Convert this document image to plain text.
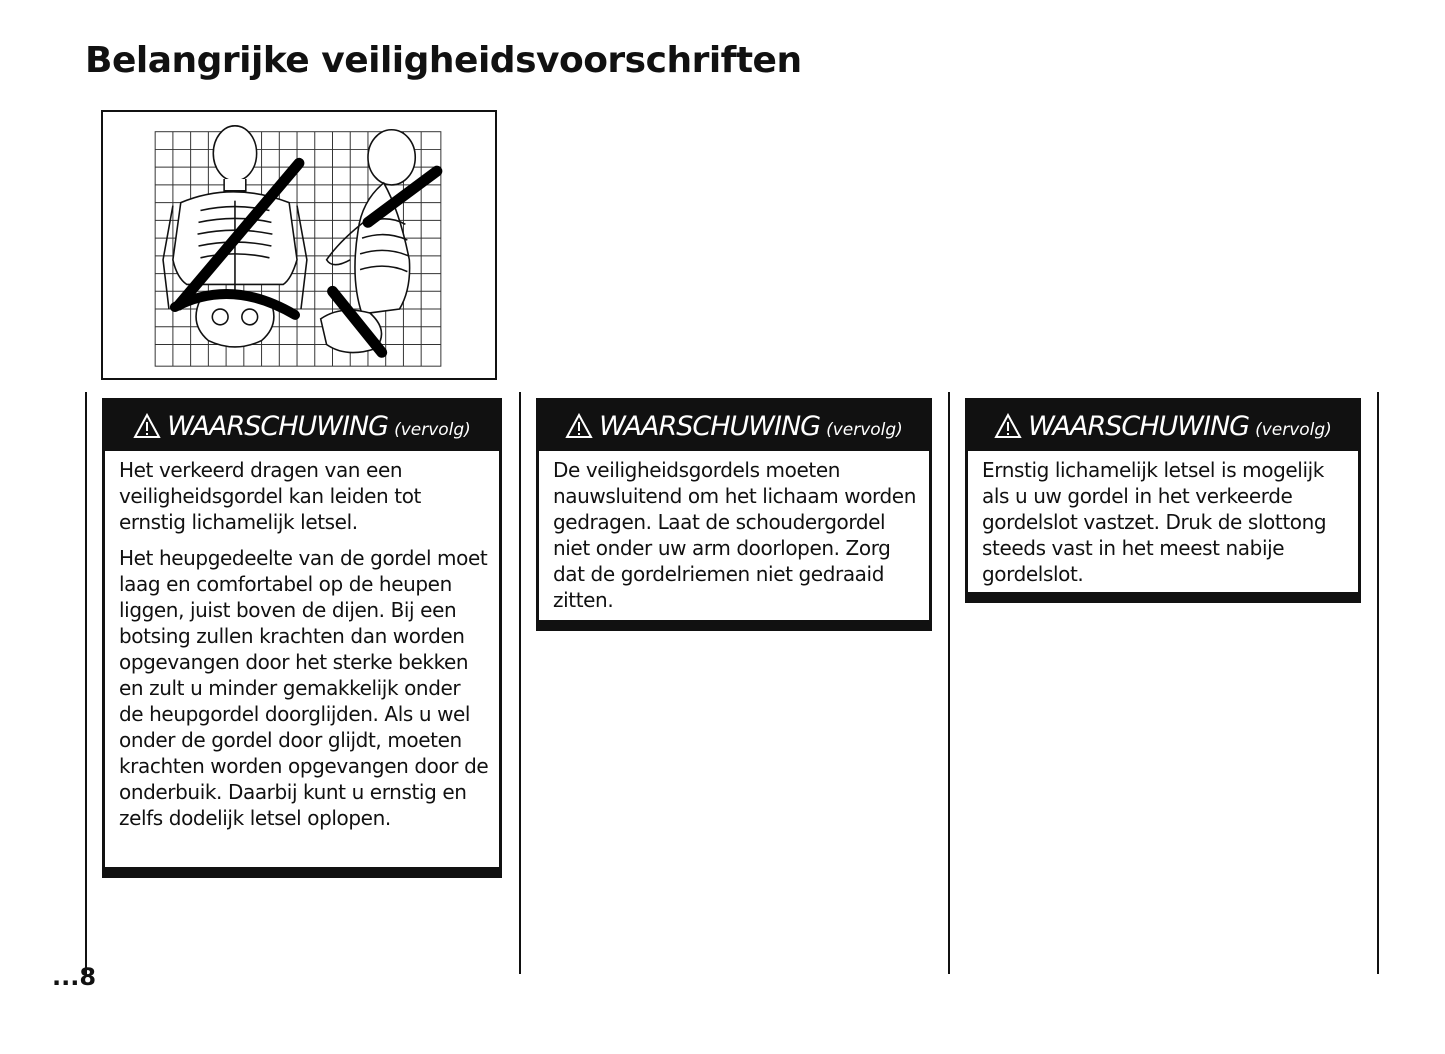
Belangrijke veiligheidsvoorschriften
WAARSCHUWING (vervolg)

Het verkeerd dragen van een veiligheidsgordel kan leiden tot ernstig lichamelijk letsel.

Het heupgedeelte van de gordel moet laag en comfortabel op de heupen liggen, juist boven de dijen. Bij een botsing zullen krachten dan worden opgevangen door het sterke bekken en zult u minder gemakkelijk onder de heupgordel doorglijden. Als u wel onder de gordel door glijdt, moeten krachten worden opgevangen door de onderbuik. Daarbij kunt u ernstig en zelfs dodelijk letsel oplopen.

WAARSCHUWING (vervolg)

De veiligheidsgordels moeten nauwsluitend om het lichaam worden gedragen. Laat de schoudergordel niet onder uw arm doorlopen. Zorg dat de gordelriemen niet gedraaid zitten.

WAARSCHUWING (vervolg)

Ernstig lichamelijk letsel is mogelijk als u uw gordel in het verkeerde gordelslot vastzet. Druk de slottong steeds vast in het meest nabije gordelslot.

...8
